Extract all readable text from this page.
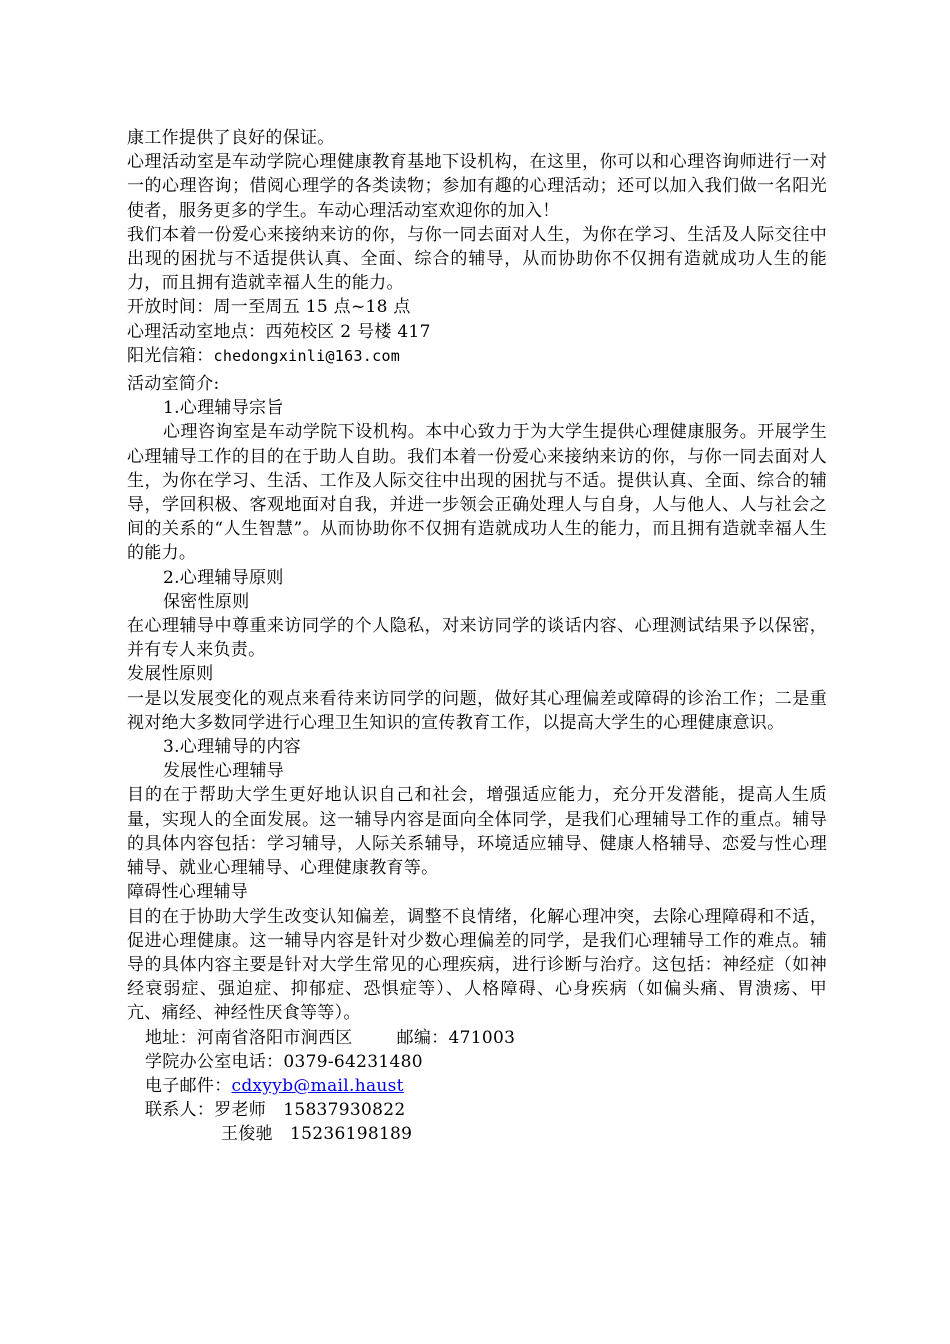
康工作提供了良好的保证。

心理活动室是车动学院心理健康教育基地下设机构，在这里，你可以和心理咨询师进行一对一的心理咨询；借阅心理学的各类读物；参加有趣的心理活动；还可以加入我们做一名阳光使者，服务更多的学生。车动心理活动室欢迎你的加入！

我们本着一份爱心来接纳来访的你，与你一同去面对人生，为你在学习、生活及人际交往中出现的困扰与不适提供认真、全面、综合的辅导，从而协助你不仅拥有造就成功人生的能力，而且拥有造就幸福人生的能力。

开放时间：周一至周五 15 点~18 点

心理活动室地点：西苑校区 2 号楼 417

阳光信箱：chedongxinli@163.com

活动室简介:

1.心理辅导宗旨

心理咨询室是车动学院下设机构。本中心致力于为大学生提供心理健康服务。开展学生心理辅导工作的目的在于助人自助。我们本着一份爱心来接纳来访的你，与你一同去面对人生，为你在学习、生活、工作及人际交往中出现的困扰与不适。提供认真、全面、综合的辅导，学回积极、客观地面对自我，并进一步领会正确处理人与自身，人与他人、人与社会之间的关系的“人生智慧”。从而协助你不仅拥有造就成功人生的能力，而且拥有造就幸福人生的能力。

2.心理辅导原则

保密性原则

在心理辅导中尊重来访同学的个人隐私，对来访同学的谈话内容、心理测试结果予以保密，并有专人来负责。

发展性原则

一是以发展变化的观点来看待来访同学的问题，做好其心理偏差或障碍的诊治工作；二是重视对绝大多数同学进行心理卫生知识的宣传教育工作，以提高大学生的心理健康意识。

3.心理辅导的内容

发展性心理辅导

目的在于帮助大学生更好地认识自己和社会，增强适应能力，充分开发潜能，提高人生质量，实现人的全面发展。这一辅导内容是面向全体同学，是我们心理辅导工作的重点。辅导的具体内容包括：学习辅导，人际关系辅导，环境适应辅导、健康人格辅导、恋爱与性心理辅导、就业心理辅导、心理健康教育等。

障碍性心理辅导

目的在于协助大学生改变认知偏差，调整不良情绪，化解心理冲突，去除心理障碍和不适，促进心理健康。这一辅导内容是针对少数心理偏差的同学，是我们心理辅导工作的难点。辅导的具体内容主要是针对大学生常见的心理疾病，进行诊断与治疗。这包括：神经症（如神经衰弱症、强迫症、抑郁症、恐惧症等）、人格障碍、心身疾病（如偏头痛、胃溃疡、甲亢、痛经、神经性厌食等等）。

地址：河南省洛阳市涧西区	邮编：471003
学院办公室电话：0379-64231480
电子邮件： cdxyyb@mail.haust
联系人： 罗老师   15837930822
王俊驰   15236198189
